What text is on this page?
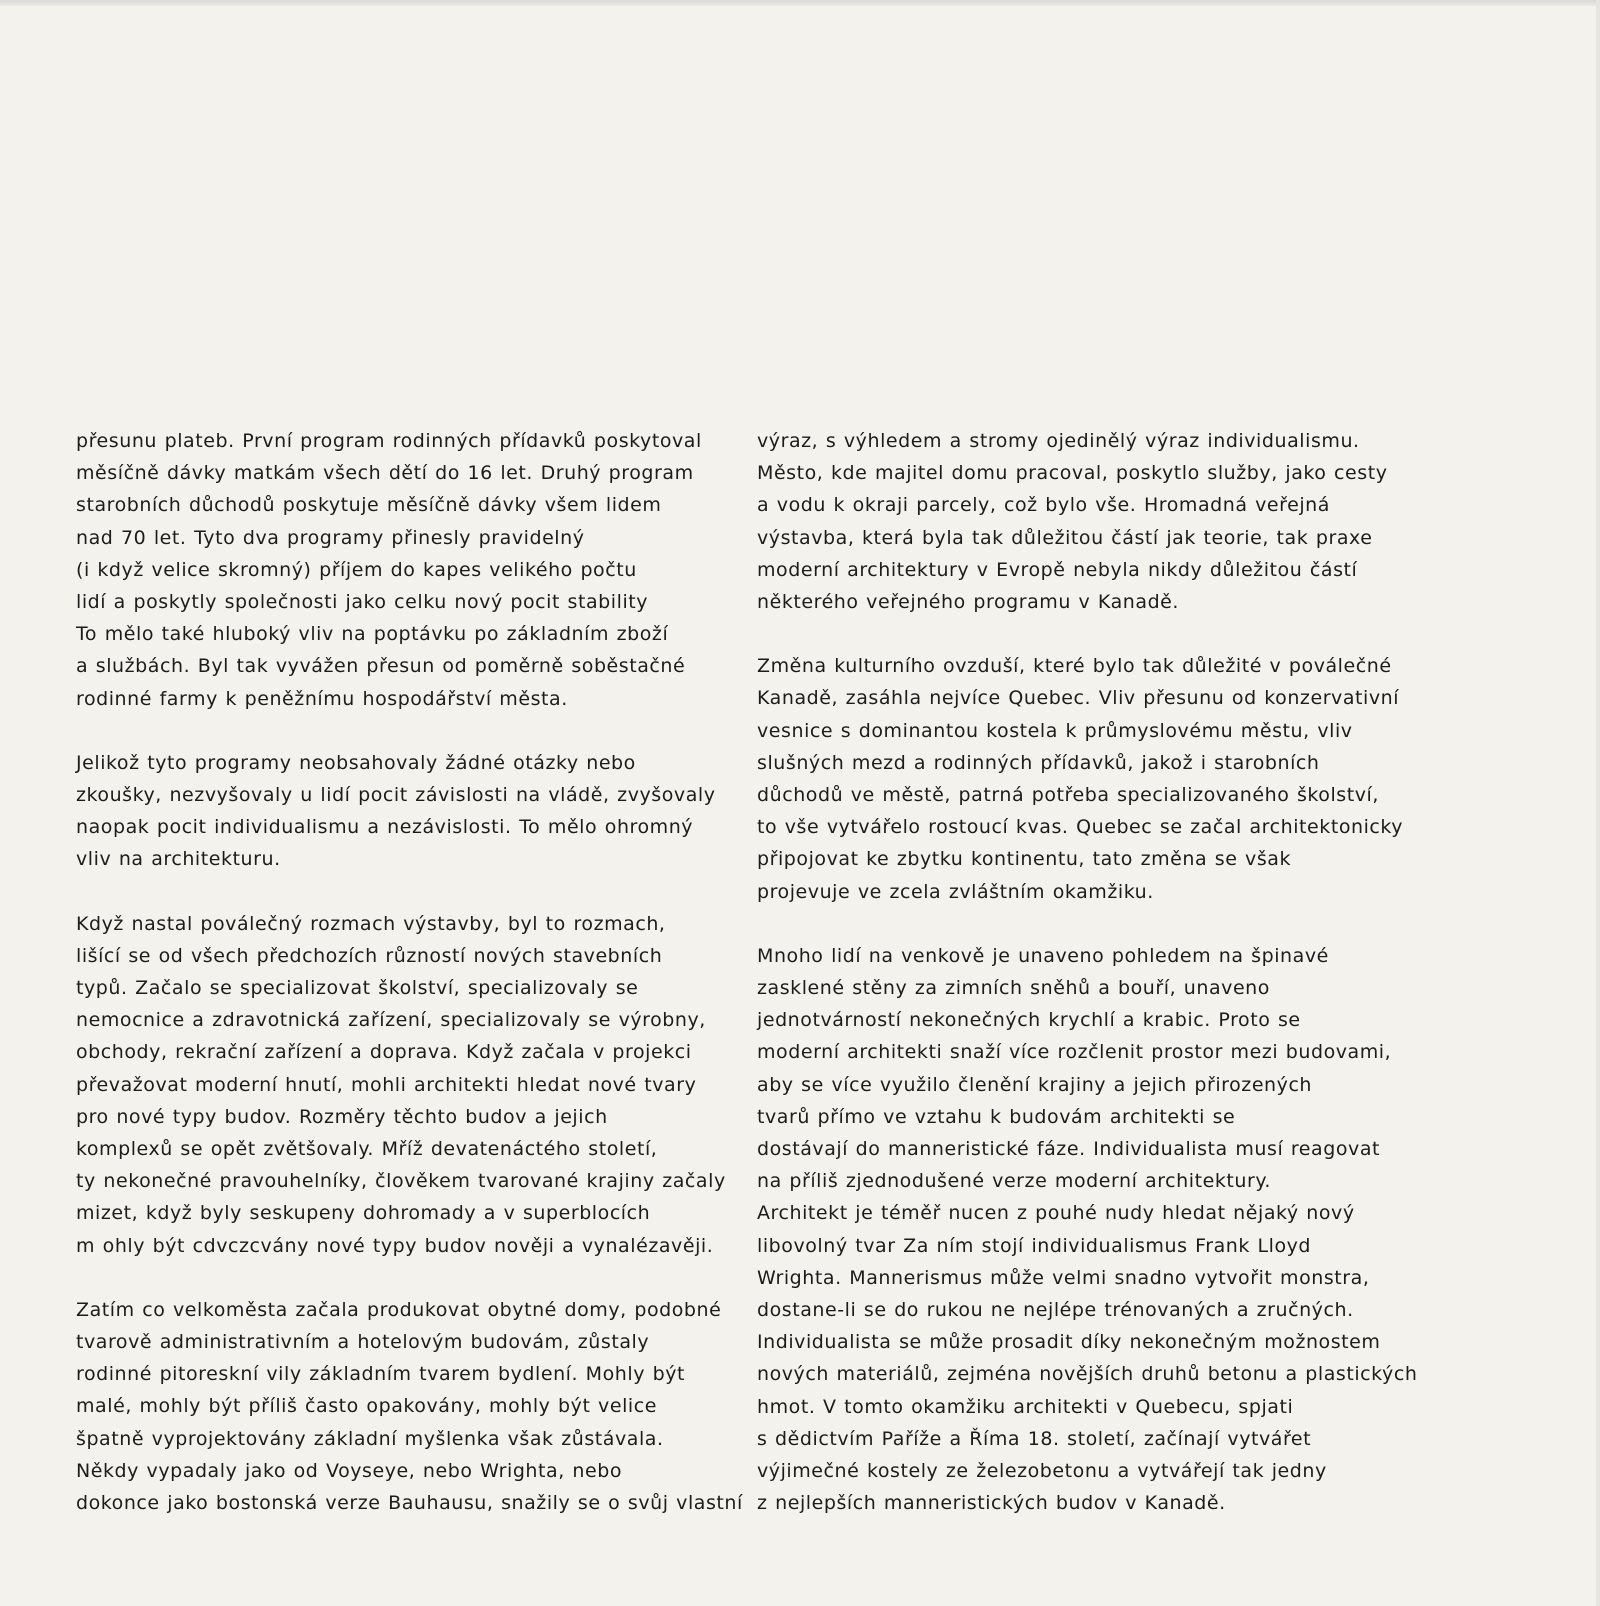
přesunu plateb. První program rodinných přídavků poskytoval
měsíčně dávky matkám všech dětí do 16 let. Druhý program
starobních důchodů poskytuje měsíčně dávky všem lidem
nad 70 let. Tyto dva programy přinesly pravidelný
(i když velice skromný) příjem do kapes velikého počtu
lidí a poskytly společnosti jako celku nový pocit stability
To mělo také hluboký vliv na poptávku po základním zboží
a službách. Byl tak vyvážen přesun od poměrně soběstačné
rodinné farmy k peněžnímu hospodářství města.
Jelikož tyto programy neobsahovaly žádné otázky nebo
zkoušky, nezvyšovaly u lidí pocit závislosti na vládě, zvyšovaly
naopak pocit individualismu a nezávislosti. To mělo ohromný
vliv na architekturu.
Když nastal poválečný rozmach výstavby, byl to rozmach,
lišící se od všech předchozích růzností nových stavebních
typů. Začalo se specializovat školství, specializovaly se
nemocnice a zdravotnická zařízení, specializovaly se výrobny,
obchody, rekrační zařízení a doprava. Když začala v projekci
převažovat moderní hnutí, mohli architekti hledat nové tvary
pro nové typy budov. Rozměry těchto budov a jejich
komplexů se opět zvětšovaly. Mříž devatenáctého století,
ty nekonečné pravouhelníky, člověkem tvarované krajiny začaly
mizet, když byly seskupeny dohromady a v superblocích
m ohly být cdvczcvány nové typy budov nověji a vynalézavěji.
Zatím co velkoměsta začala produkovat obytné domy, podobné
tvarově administrativním a hotelovým budovám, zůstaly
rodinné pitoreskní vily základním tvarem bydlení. Mohly být
malé, mohly být příliš často opakovány, mohly být velice
špatně vyprojektovány základní myšlenka však zůstávala.
Někdy vypadaly jako od Voyseye, nebo Wrighta, nebo
dokonce jako bostonská verze Bauhausu, snažily se o svůj vlastní
výraz, s výhledem a stromy ojedinělý výraz individualismu.
Město, kde majitel domu pracoval, poskytlo služby, jako cesty
a vodu k okraji parcely, což bylo vše. Hromadná veřejná
výstavba, která byla tak důležitou částí jak teorie, tak praxe
moderní architektury v Evropě nebyla nikdy důležitou částí
některého veřejného programu v Kanadě.
Změna kulturního ovzduší, které bylo tak důležité v poválečné
Kanadě, zasáhla nejvíce Quebec. Vliv přesunu od konzervativní
vesnice s dominantou kostela k průmyslovému městu, vliv
slušných mezd a rodinných přídavků, jakož i starobních
důchodů ve městě, patrná potřeba specializovaného školství,
to vše vytvářelo rostoucí kvas. Quebec se začal architektonicky
připojovat ke zbytku kontinentu, tato změna se však
projevuje ve zcela zvláštním okamžiku.
Mnoho lidí na venkově je unaveno pohledem na špinavé
zasklené stěny za zimních sněhů a bouří, unaveno
jednotvárností nekonečných krychlí a krabic. Proto se
moderní architekti snaží více rozčlenit prostor mezi budovami,
aby se více využilo členění krajiny a jejich přirozených
tvarů přímo ve vztahu k budovám architekti se
dostávají do manneristické fáze. Individualista musí reagovat
na příliš zjednodušené verze moderní architektury.
Architekt je téměř nucen z pouhé nudy hledat nějaký nový
libovolný tvar Za ním stojí individualismus Frank Lloyd
Wrighta. Mannerismus může velmi snadno vytvořit monstra,
dostane-li se do rukou ne nejlépe trénovaných a zručných.
Individualista se může prosadit díky nekonečným možnostem
nových materiálů, zejména novějších druhů betonu a plastických
hmot. V tomto okamžiku architekti v Quebecu, spjati
s dědictvím Paříže a Říma 18. století, začínají vytvářet
výjimečné kostely ze železobetonu a vytvářejí tak jedny
z nejlepších manneristických budov v Kanadě.
